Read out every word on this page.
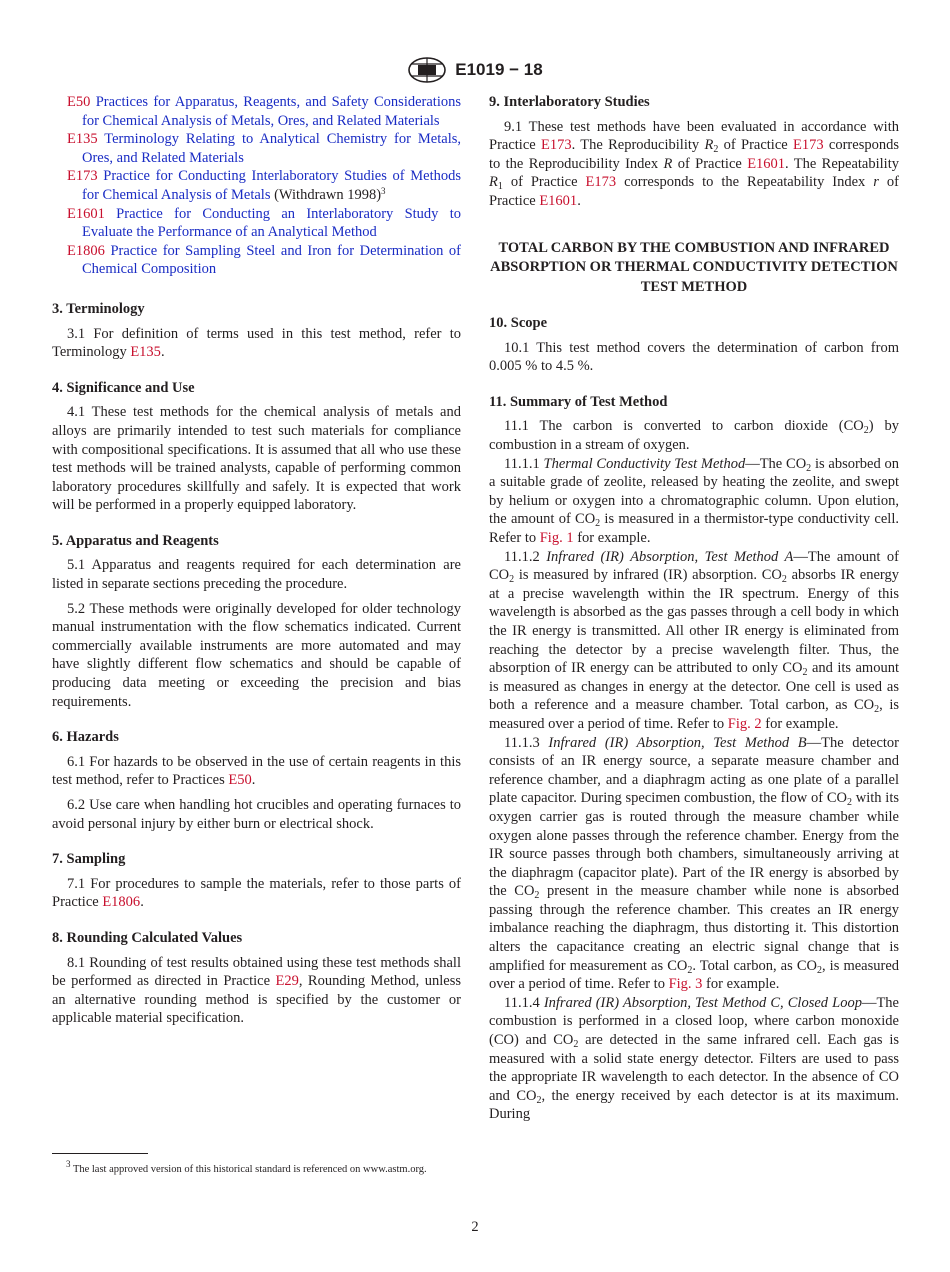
E1019 − 18

E50 Practices for Apparatus, Reagents, and Safety Considerations for Chemical Analysis of Metals, Ores, and Related Materials

E135 Terminology Relating to Analytical Chemistry for Metals, Ores, and Related Materials

E173 Practice for Conducting Interlaboratory Studies of Methods for Chemical Analysis of Metals (Withdrawn 1998)$^3$

E1601 Practice for Conducting an Interlaboratory Study to Evaluate the Performance of an Analytical Method

E1806 Practice for Sampling Steel and Iron for Determination of Chemical Composition

3. Terminology

3.1 For definition of terms used in this test method, refer to Terminology E135.

4. Significance and Use

4.1 These test methods for the chemical analysis of metals and alloys are primarily intended to test such materials for compliance with compositional specifications. It is assumed that all who use these test methods will be trained analysts, capable of performing common laboratory procedures skillfully and safely. It is expected that work will be performed in a properly equipped laboratory.

5. Apparatus and Reagents

5.1 Apparatus and reagents required for each determination are listed in separate sections preceding the procedure.

5.2 These methods were originally developed for older technology manual instrumentation with the flow schematics indicated. Current commercially available instruments are more automated and may have slightly different flow schematics and should be capable of producing data meeting or exceeding the precision and bias requirements.

6. Hazards

6.1 For hazards to be observed in the use of certain reagents in this test method, refer to Practices E50.

6.2 Use care when handling hot crucibles and operating furnaces to avoid personal injury by either burn or electrical shock.

7. Sampling

7.1 For procedures to sample the materials, refer to those parts of Practice E1806.

8. Rounding Calculated Values

8.1 Rounding of test results obtained using these test methods shall be performed as directed in Practice E29, Rounding Method, unless an alternative rounding method is specified by the customer or applicable material specification.

9. Interlaboratory Studies

9.1 These test methods have been evaluated in accordance with Practice E173. The Reproducibility $R_2$ of Practice E173 corresponds to the Reproducibility Index R of Practice E1601. The Repeatability $R_1$ of Practice E173 corresponds to the Repeatability Index r of Practice E1601.

TOTAL CARBON BY THE COMBUSTION AND INFRARED ABSORPTION OR THERMAL CONDUCTIVITY DETECTION TEST METHOD
10. Scope

10.1 This test method covers the determination of carbon from 0.005 % to 4.5 %.

11. Summary of Test Method

11.1 The carbon is converted to carbon dioxide $(CO_2)$ by combustion in a stream of oxygen.

11.1.1 Thermal Conductivity Test Method—The $CO_2$ is absorbed on a suitable grade of zeolite, released by heating the zeolite, and swept by helium or oxygen into a chromatographic column. Upon elution, the amount of $CO_2$ is measured in a thermistor-type conductivity cell. Refer to Fig. 1 for example.

11.1.2 Infrared (IR) Absorption, Test Method A—The amount of $CO_2$ is measured by infrared (IR) absorption. $CO_2$ absorbs IR energy at a precise wavelength within the IR spectrum. Energy of this wavelength is absorbed as the gas passes through a cell body in which the IR energy is transmitted. All other IR energy is eliminated from reaching the detector by a precise wavelength filter. Thus, the absorption of IR energy can be attributed to only $CO_2$ and its amount is measured as changes in energy at the detector. One cell is used as both a reference and a measure chamber. Total carbon, as $CO_2$, is measured over a period of time. Refer to Fig. 2 for example.

11.1.3 Infrared (IR) Absorption, Test Method B—The detector consists of an IR energy source, a separate measure chamber and reference chamber, and a diaphragm acting as one plate of a parallel plate capacitor. During specimen combustion, the flow of $CO_2$ with its oxygen carrier gas is routed through the measure chamber while oxygen alone passes through the reference chamber. Energy from the IR source passes through both chambers, simultaneously arriving at the diaphragm (capacitor plate). Part of the IR energy is absorbed by the $CO_2$ present in the measure chamber while none is absorbed passing through the reference chamber. This creates an IR energy imbalance reaching the diaphragm, thus distorting it. This distortion alters the capacitance creating an electric signal change that is amplified for measurement as $CO_2$. Total carbon, as $CO_2$, is measured over a period of time. Refer to Fig. 3 for example.

11.1.4 Infrared (IR) Absorption, Test Method C, Closed Loop—The combustion is performed in a closed loop, where carbon monoxide (CO) and $CO_2$ are detected in the same infrared cell. Each gas is measured with a solid state energy detector. Filters are used to pass the appropriate IR wavelength to each detector. In the absence of CO and $CO_2$, the energy received by each detector is at its maximum. During

$^3$ The last approved version of this historical standard is referenced on www.astm.org.
2
